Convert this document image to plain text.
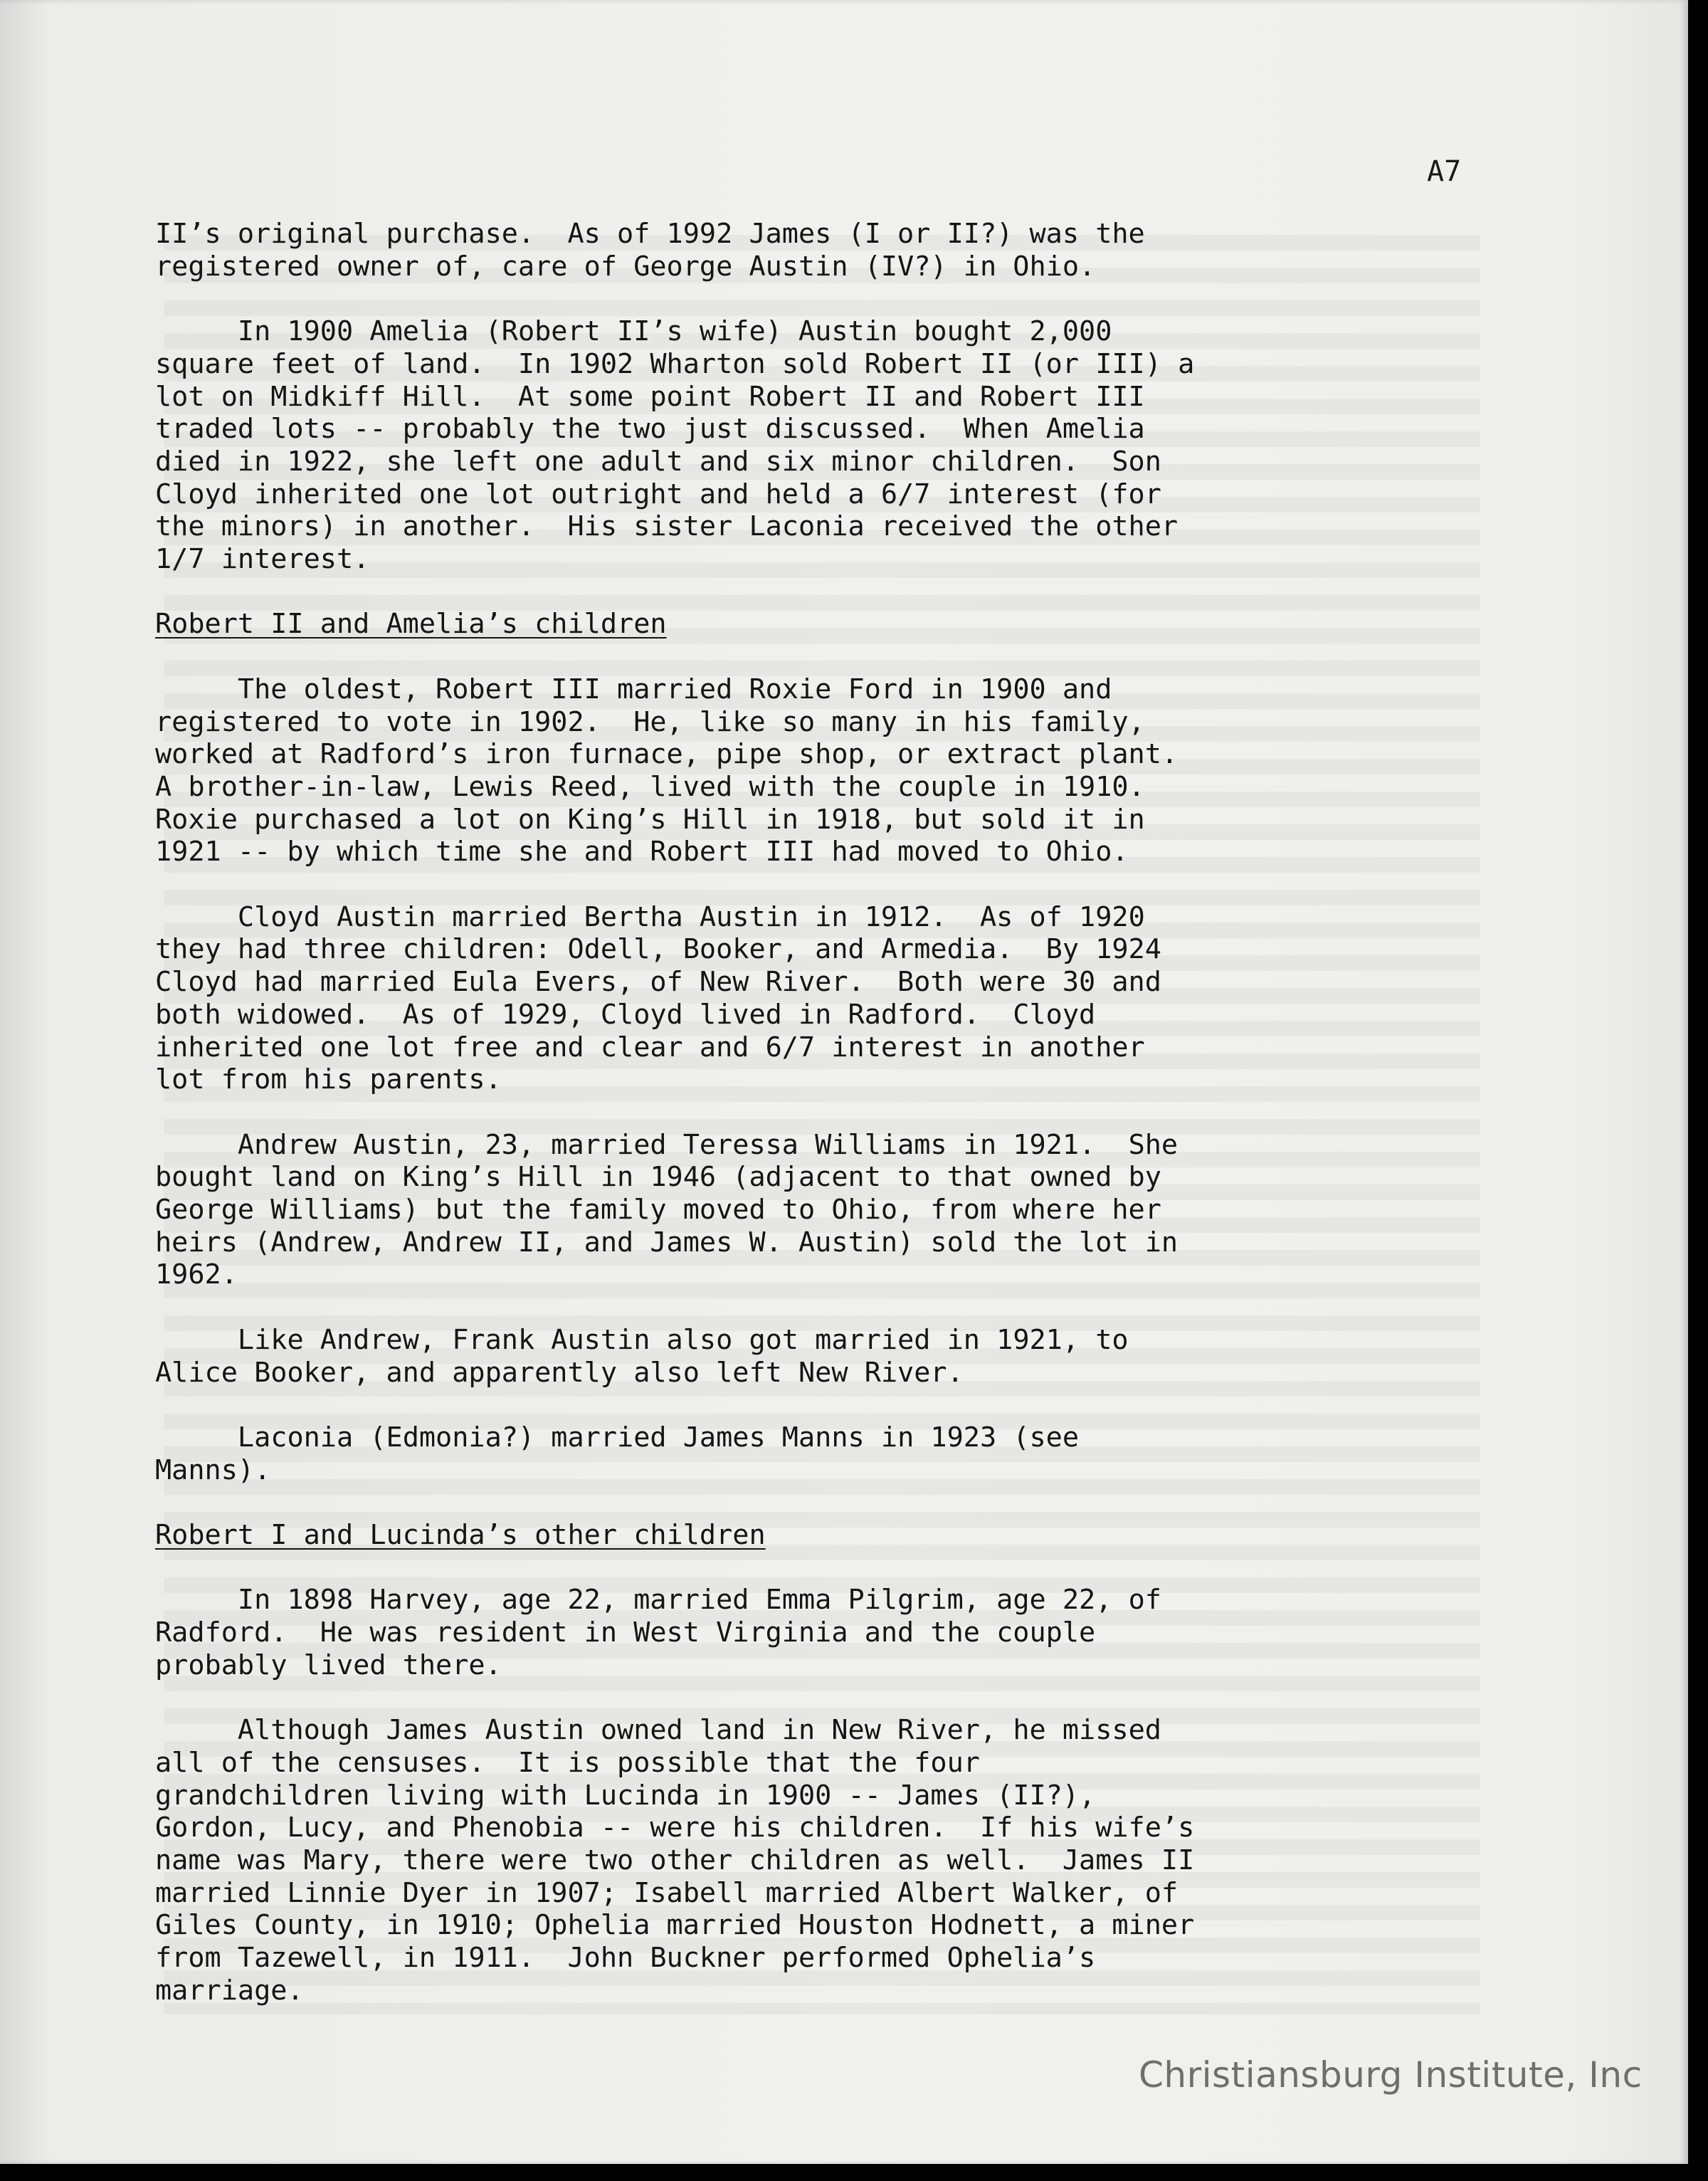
A7

II’s original purchase.  As of 1992 James (I or II?) was the
registered owner of, care of George Austin (IV?) in Ohio.

In 1900 Amelia (Robert II’s wife) Austin bought 2,000
square feet of land.  In 1902 Wharton sold Robert II (or III) a
lot on Midkiff Hill.  At some point Robert II and Robert III
traded lots -- probably the two just discussed.  When Amelia
died in 1922, she left one adult and six minor children.  Son
Cloyd inherited one lot outright and held a 6/7 interest (for
the minors) in another.  His sister Laconia received the other
1/7 interest.

Robert II and Amelia’s children

The oldest, Robert III married Roxie Ford in 1900 and
registered to vote in 1902.  He, like so many in his family,
worked at Radford’s iron furnace, pipe shop, or extract plant.
A brother-in-law, Lewis Reed, lived with the couple in 1910.
Roxie purchased a lot on King’s Hill in 1918, but sold it in
1921 -- by which time she and Robert III had moved to Ohio.

Cloyd Austin married Bertha Austin in 1912.  As of 1920
they had three children: Odell, Booker, and Armedia.  By 1924
Cloyd had married Eula Evers, of New River.  Both were 30 and
both widowed.  As of 1929, Cloyd lived in Radford.  Cloyd
inherited one lot free and clear and 6/7 interest in another
lot from his parents.

Andrew Austin, 23, married Teressa Williams in 1921.  She
bought land on King’s Hill in 1946 (adjacent to that owned by
George Williams) but the family moved to Ohio, from where her
heirs (Andrew, Andrew II, and James W. Austin) sold the lot in
1962.

Like Andrew, Frank Austin also got married in 1921, to
Alice Booker, and apparently also left New River.

Laconia (Edmonia?) married James Manns in 1923 (see
Manns).

Robert I and Lucinda’s other children

In 1898 Harvey, age 22, married Emma Pilgrim, age 22, of
Radford.  He was resident in West Virginia and the couple
probably lived there.

Although James Austin owned land in New River, he missed
all of the censuses.  It is possible that the four
grandchildren living with Lucinda in 1900 -- James (II?),
Gordon, Lucy, and Phenobia -- were his children.  If his wife’s
name was Mary, there were two other children as well.  James II
married Linnie Dyer in 1907; Isabell married Albert Walker, of
Giles County, in 1910; Ophelia married Houston Hodnett, a miner
from Tazewell, in 1911.  John Buckner performed Ophelia’s
marriage.

Christiansburg Institute, Inc
